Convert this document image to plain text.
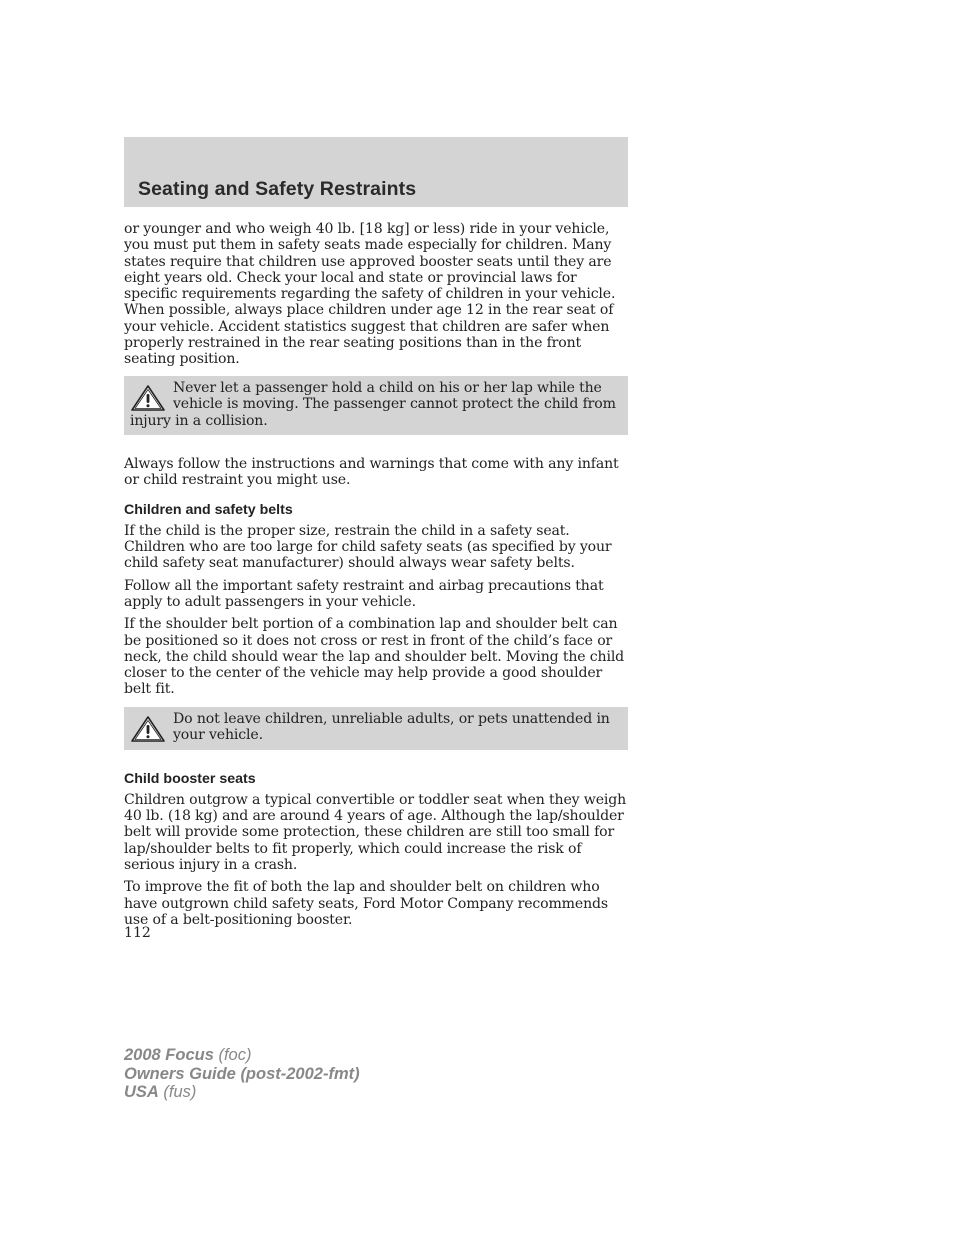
Seating and Safety Restraints

or younger and who weigh 40 lb. [18 kg] or less) ride in your vehicle, you must put them in safety seats made especially for children. Many states require that children use approved booster seats until they are eight years old. Check your local and state or provincial laws for specific requirements regarding the safety of children in your vehicle. When possible, always place children under age 12 in the rear seat of your vehicle. Accident statistics suggest that children are safer when properly restrained in the rear seating positions than in the front seating position.

Never let a passenger hold a child on his or her lap while the vehicle is moving. The passenger cannot protect the child from injury in a collision.

Always follow the instructions and warnings that come with any infant or child restraint you might use.

Children and safety belts

If the child is the proper size, restrain the child in a safety seat. Children who are too large for child safety seats (as specified by your child safety seat manufacturer) should always wear safety belts.

Follow all the important safety restraint and airbag precautions that apply to adult passengers in your vehicle.

If the shoulder belt portion of a combination lap and shoulder belt can be positioned so it does not cross or rest in front of the child’s face or neck, the child should wear the lap and shoulder belt. Moving the child closer to the center of the vehicle may help provide a good shoulder belt fit.

Do not leave children, unreliable adults, or pets unattended in your vehicle.

Child booster seats

Children outgrow a typical convertible or toddler seat when they weigh 40 lb. (18 kg) and are around 4 years of age. Although the lap/shoulder belt will provide some protection, these children are still too small for lap/shoulder belts to fit properly, which could increase the risk of serious injury in a crash.

To improve the fit of both the lap and shoulder belt on children who have outgrown child safety seats, Ford Motor Company recommends use of a belt-positioning booster.

112
2008 Focus (foc)
Owners Guide (post-2002-fmt)
USA (fus)
